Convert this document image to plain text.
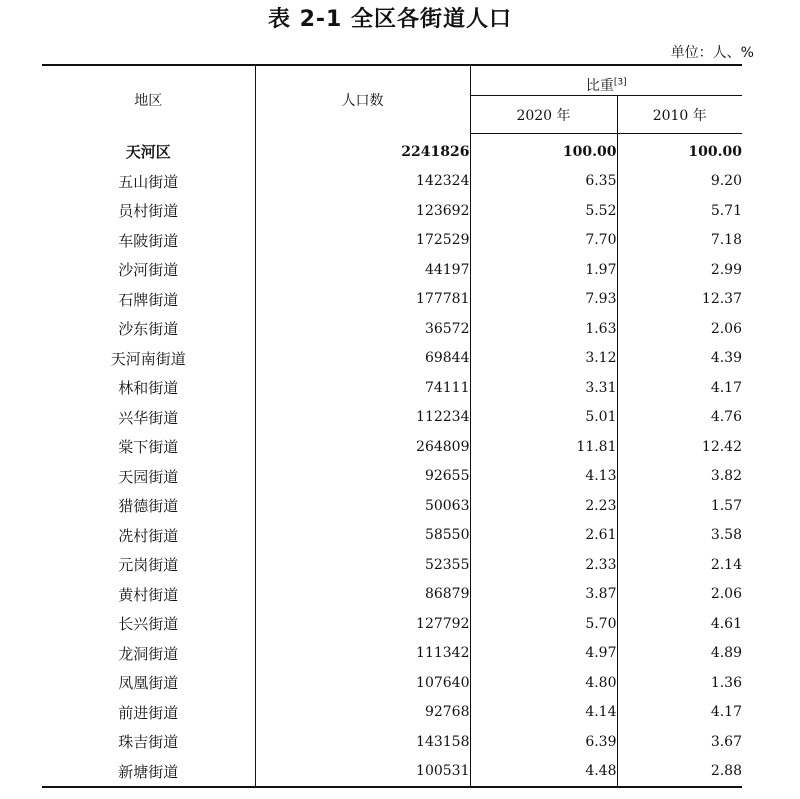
表 2-1 全区各街道人口
单位：人、%
地区	人口数	比重[3]
		2020 年	2010 年
天河区	2241826	100.00	100.00
五山街道	142324	6.35	9.20
员村街道	123692	5.52	5.71
车陂街道	172529	7.70	7.18
沙河街道	44197	1.97	2.99
石牌街道	177781	7.93	12.37
沙东街道	36572	1.63	2.06
天河南街道	69844	3.12	4.39
林和街道	74111	3.31	4.17
兴华街道	112234	5.01	4.76
棠下街道	264809	11.81	12.42
天园街道	92655	4.13	3.82
猎德街道	50063	2.23	1.57
冼村街道	58550	2.61	3.58
元岗街道	52355	2.33	2.14
黄村街道	86879	3.87	2.06
长兴街道	127792	5.70	4.61
龙洞街道	111342	4.97	4.89
凤凰街道	107640	4.80	1.36
前进街道	92768	4.14	4.17
珠吉街道	143158	6.39	3.67
新塘街道	100531	4.48	2.88
